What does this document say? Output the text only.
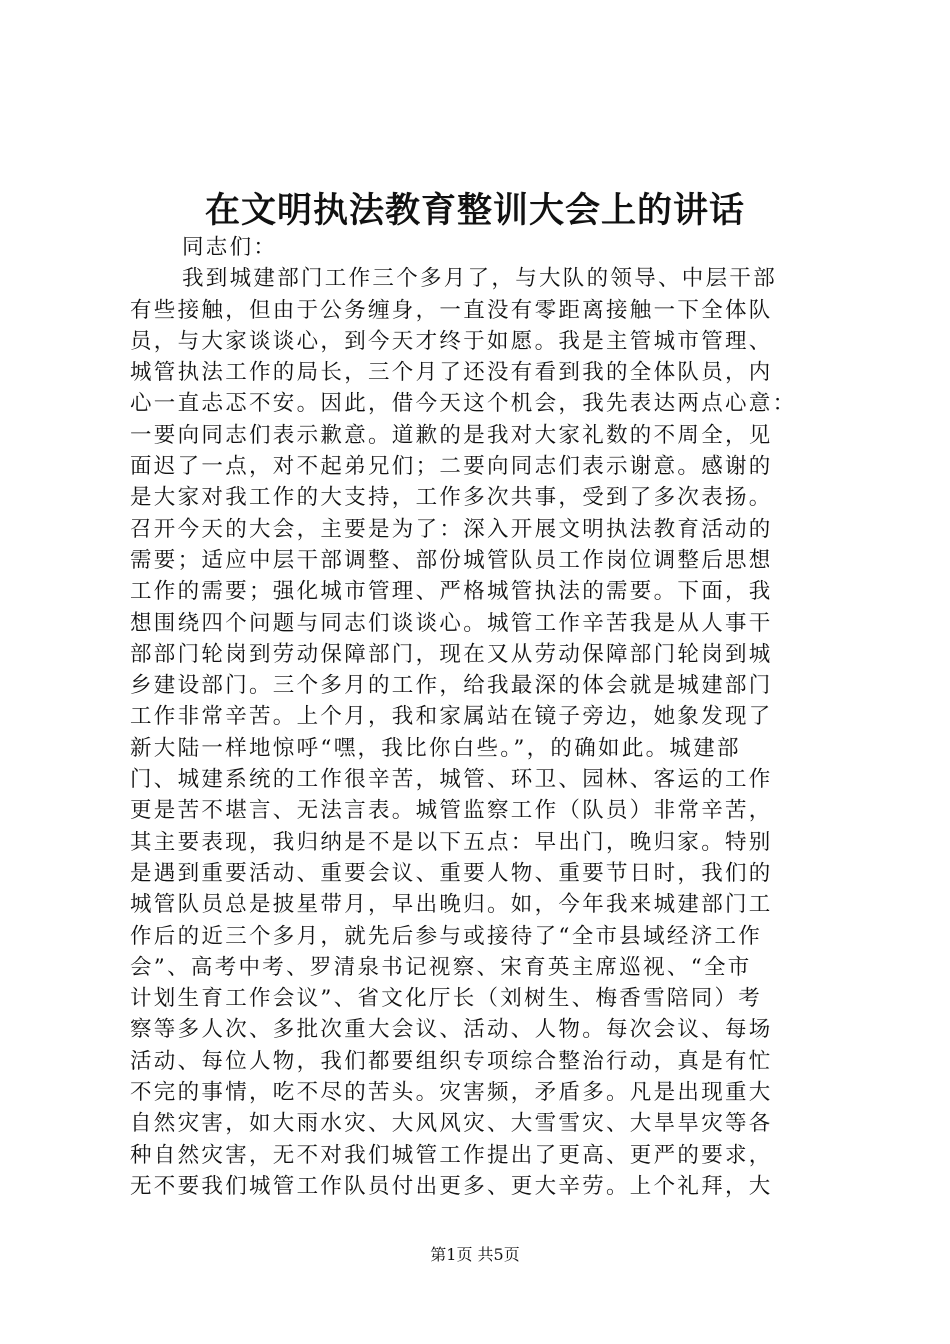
在文明执法教育整训大会上的讲话
同志们：
我到城建部门工作三个多月了，与大队的领导、中层干部
有些接触，但由于公务缠身，一直没有零距离接触一下全体队
员，与大家谈谈心，到今天才终于如愿。我是主管城市管理、
城管执法工作的局长，三个月了还没有看到我的全体队员，内
心一直忐忑不安。因此，借今天这个机会，我先表达两点心意：
一要向同志们表示歉意。道歉的是我对大家礼数的不周全，见
面迟了一点，对不起弟兄们；二要向同志们表示谢意。感谢的
是大家对我工作的大支持，工作多次共事，受到了多次表扬。
召开今天的大会，主要是为了：深入开展文明执法教育活动的
需要；适应中层干部调整、部份城管队员工作岗位调整后思想
工作的需要；强化城市管理、严格城管执法的需要。下面，我
想围绕四个问题与同志们谈谈心。城管工作辛苦我是从人事干
部部门轮岗到劳动保障部门，现在又从劳动保障部门轮岗到城
乡建设部门。三个多月的工作，给我最深的体会就是城建部门
工作非常辛苦。上个月，我和家属站在镜子旁边，她象发现了
新大陆一样地惊呼“嘿，我比你白些。”，的确如此。城建部
门、城建系统的工作很辛苦，城管、环卫、园林、客运的工作
更是苦不堪言、无法言表。城管监察工作（队员）非常辛苦，
其主要表现，我归纳是不是以下五点：早出门，晚归家。特别
是遇到重要活动、重要会议、重要人物、重要节日时，我们的
城管队员总是披星带月，早出晚归。如，今年我来城建部门工
作后的近三个多月，就先后参与或接待了“全市县域经济工作
会”、高考中考、罗清泉书记视察、宋育英主席巡视、“全市
计划生育工作会议”、省文化厅长（刘树生、梅香雪陪同）考
察等多人次、多批次重大会议、活动、人物。每次会议、每场
活动、每位人物，我们都要组织专项综合整治行动，真是有忙
不完的事情，吃不尽的苦头。灾害频，矛盾多。凡是出现重大
自然灾害，如大雨水灾、大风风灾、大雪雪灾、大旱旱灾等各
种自然灾害，无不对我们城管工作提出了更高、更严的要求，
无不要我们城管工作队员付出更多、更大辛劳。上个礼拜，大
第1页 共5页
